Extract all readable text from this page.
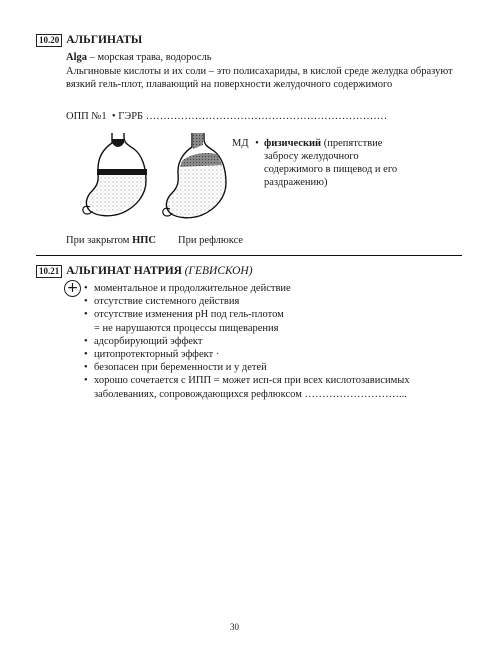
10.20 АЛЬГИНАТЫ
Alga – морская трава, водоросль
Альгиновые кислоты и их соли – это полисахариды, в кислой среде желудка образуют вязкий гель-плот, плавающий на поверхности желудочного содержимого
ОПП №1 • ГЭРБ ……………………………………………………………
МД • физический (препятствие забросу желудочного содержимого в пищевод и его раздражению)
При закрытом НПС При рефлюксе
10.21 АЛЬГИНАТ НАТРИЯ (ГЕВИСКОН)
+
•	моментальное и продолжительное действие
• отсутствие системного действия
• отсутствие изменения pH под гель-плотом
= не нарушаются процессы пищеварения
• адсорбирующий эффект
• цитопротекторный эффект ·
• безопасен при беременности и у детей
• хорошо сочетается с ИПП = может исп-ся при всех кислотозависимых заболеваниях, сопровождающихся рефлюксом ………………………...
30
